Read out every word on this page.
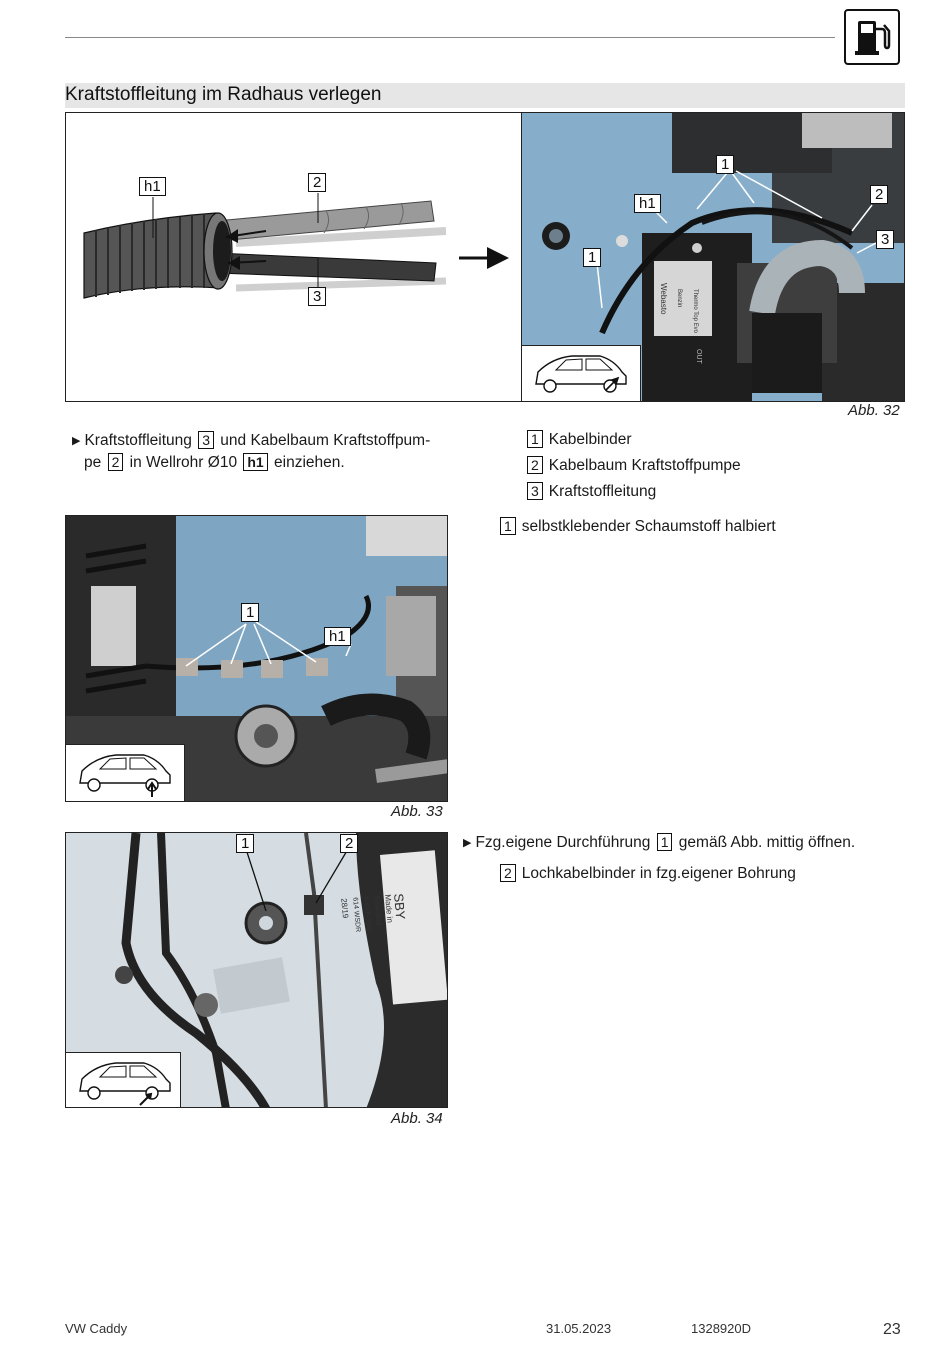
Kraftstoffleitung im Radhaus verlegen
h1	2
3	Webasto	Thermo Top Evo
Benzin
OUT
1
h1
2
3
1
Abb. 32
▶ Kraftstoffleitung 3 und Kabelbaum Kraftstoffpum-
pe 2 in Wellrohr Ø10 h1 einziehen.
1 Kabelbinder
2 Kabelbaum Kraftstoffpumpe
3 Kraftstoffleitung
1 selbstklebender Schaumstoff halbiert
1
h1
Abb. 33
1	2
SBY
Made in Slovakia
KMSB 5B0 614 WSDR
28/19
Abb. 34
▶ Fzg.eigene Durchführung 1 gemäß Abb. mittig öffnen.
2 Lochkabelbinder in fzg.eigener Bohrung
VW Caddy	31.05.2023	1328920D	23
